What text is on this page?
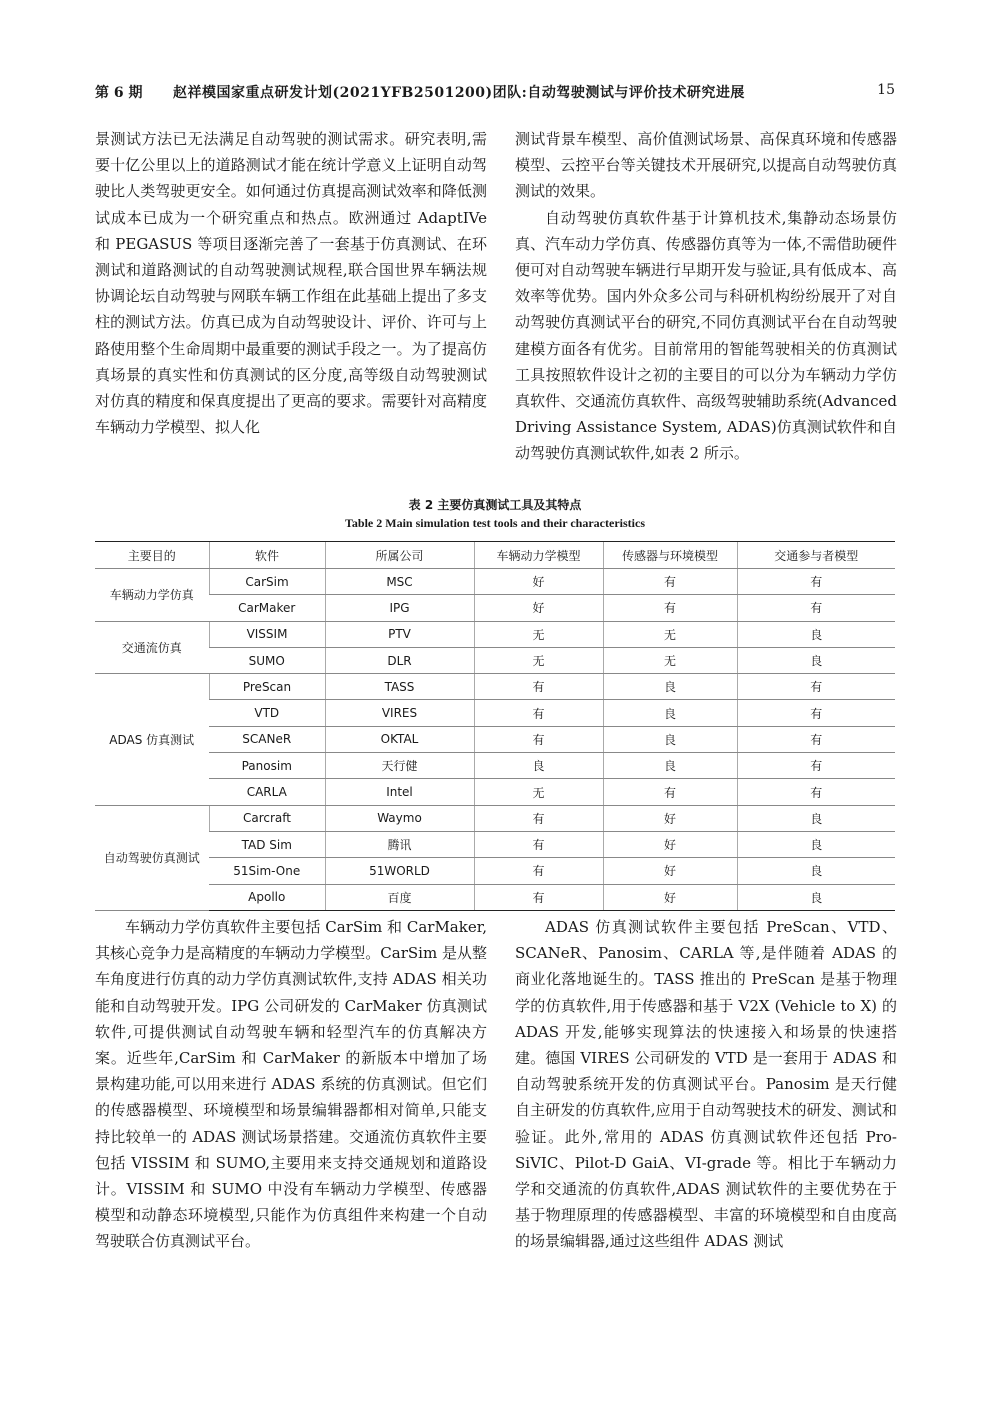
第 6 期 赵祥模国家重点研发计划(2021YFB2501200)团队:自动驾驶测试与评价技术研究进展	15

景测试方法已无法满足自动驾驶的测试需求。研究表明,需要十亿公里以上的道路测试才能在统计学意义上证明自动驾驶比人类驾驶更安全。如何通过仿真提高测试效率和降低测试成本已成为一个研究重点和热点。欧洲通过 AdaptIVe 和 PEGASUS 等项目逐渐完善了一套基于仿真测试、在环测试和道路测试的自动驾驶测试规程,联合国世界车辆法规协调论坛自动驾驶与网联车辆工作组在此基础上提出了多支柱的测试方法。仿真已成为自动驾驶设计、评价、许可与上路使用整个生命周期中最重要的测试手段之一。为了提高仿真场景的真实性和仿真测试的区分度,高等级自动驾驶测试对仿真的精度和保真度提出了更高的要求。需要针对高精度车辆动力学模型、拟人化

测试背景车模型、高价值测试场景、高保真环境和传感器模型、云控平台等关键技术开展研究,以提高自动驾驶仿真测试的效果。

自动驾驶仿真软件基于计算机技术,集静动态场景仿真、汽车动力学仿真、传感器仿真等为一体,不需借助硬件便可对自动驾驶车辆进行早期开发与验证,具有低成本、高效率等优势。国内外众多公司与科研机构纷纷展开了对自动驾驶仿真测试平台的研究,不同仿真测试平台在自动驾驶建模方面各有优劣。目前常用的智能驾驶相关的仿真测试工具按照软件设计之初的主要目的可以分为车辆动力学仿真软件、交通流仿真软件、高级驾驶辅助系统(Advanced Driving Assistance System, ADAS)仿真测试软件和自动驾驶仿真测试软件,如表 2 所示。

表 2 主要仿真测试工具及其特点
Table 2 Main simulation test tools and their characteristics
主要目的	软件	所属公司	车辆动力学模型	传感器与环境模型	交通参与者模型
车辆动力学仿真	CarSim	MSC	好	有	有
	CarMaker	IPG	好	有	有
交通流仿真	VISSIM	PTV	无	无	良
	SUMO	DLR	无	无	良
ADAS 仿真测试	PreScan	TASS	有	良	有
	VTD	VIRES	有	良	有
	SCANeR	OKTAL	有	良	有
	Panosim	天行健	良	良	有
	CARLA	Intel	无	有	有
自动驾驶仿真测试	Carcraft	Waymo	有	好	良
	TAD Sim	腾讯	有	好	良
	51Sim-One	51WORLD	有	好	良
	Apollo	百度	有	好	良

车辆动力学仿真软件主要包括 CarSim 和 CarMaker,其核心竞争力是高精度的车辆动力学模型。CarSim 是从整车角度进行仿真的动力学仿真测试软件,支持 ADAS 相关功能和自动驾驶开发。IPG 公司研发的 CarMaker 仿真测试软件,可提供测试自动驾驶车辆和轻型汽车的仿真解决方案。近些年,CarSim 和 CarMaker 的新版本中增加了场景构建功能,可以用来进行 ADAS 系统的仿真测试。但它们的传感器模型、环境模型和场景编辑器都相对简单,只能支持比较单一的 ADAS 测试场景搭建。交通流仿真软件主要包括 VISSIM 和 SUMO,主要用来支持交通规划和道路设计。VISSIM 和 SUMO 中没有车辆动力学模型、传感器模型和动静态环境模型,只能作为仿真组件来构建一个自动驾驶联合仿真测试平台。

ADAS 仿真测试软件主要包括 PreScan、VTD、SCANeR、Panosim、CARLA 等,是伴随着 ADAS 的商业化落地诞生的。TASS 推出的 PreScan 是基于物理学的仿真软件,用于传感器和基于 V2X (Vehicle to X) 的 ADAS 开发,能够实现算法的快速接入和场景的快速搭建。德国 VIRES 公司研发的 VTD 是一套用于 ADAS 和自动驾驶系统开发的仿真测试平台。Panosim 是天行健自主研发的仿真软件,应用于自动驾驶技术的研发、测试和验证。此外,常用的 ADAS 仿真测试软件还包括 Pro-SiVIC、Pilot-D GaiA、VI-grade 等。相比于车辆动力学和交通流的仿真软件,ADAS 测试软件的主要优势在于基于物理原理的传感器模型、丰富的环境模型和自由度高的场景编辑器,通过这些组件 ADAS 测试
